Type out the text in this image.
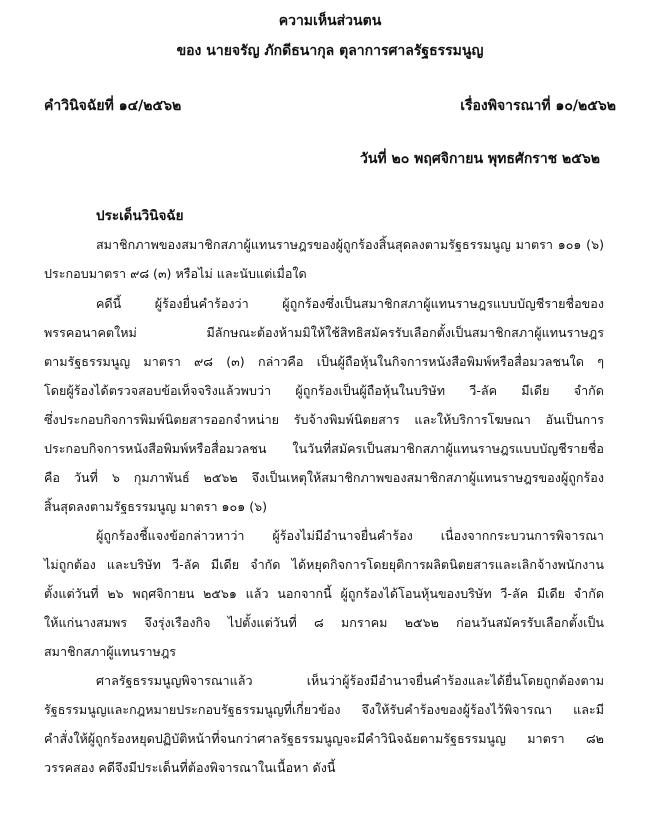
ความเห็นส่วนตน
ของ นายจรัญ ภักดีธนากุล ตุลาการศาลรัฐธรรมนูญ
คำวินิจฉัยที่ ๑๔/๒๕๖๒	เรื่องพิจารณาที่ ๑๐/๒๕๖๒
วันที่ ๒๐ พฤศจิกายน พุทธศักราช ๒๕๖๒
ประเด็นวินิจฉัย
สมาชิกภาพของสมาชิกสภาผู้แทนราษฎรของผู้ถูกร้องสิ้นสุดลงตามรัฐธรรมนูญ มาตรา ๑๐๑ (๖)
ประกอบมาตรา ๙๘ (๓) หรือไม่ และนับแต่เมื่อใด
คดีนี้ ผู้ร้องยื่นคำร้องว่า ผู้ถูกร้องซึ่งเป็นสมาชิกสภาผู้แทนราษฎรแบบบัญชีรายชื่อของ
พรรคอนาคตใหม่ มีลักษณะต้องห้ามมิให้ใช้สิทธิสมัครรับเลือกตั้งเป็นสมาชิกสภาผู้แทนราษฎร
ตามรัฐธรรมนูญ มาตรา ๙๘ (๓) กล่าวคือ เป็นผู้ถือหุ้นในกิจการหนังสือพิมพ์หรือสื่อมวลชนใด ๆ
โดยผู้ร้องได้ตรวจสอบข้อเท็จจริงแล้วพบว่า ผู้ถูกร้องเป็นผู้ถือหุ้นในบริษัท วี-ลัค มีเดีย จำกัด
ซึ่งประกอบกิจการพิมพ์นิตยสารออกจำหน่าย รับจ้างพิมพ์นิตยสาร และให้บริการโฆษณา อันเป็นการ
ประกอบกิจการหนังสือพิมพ์หรือสื่อมวลชน ในวันที่สมัครเป็นสมาชิกสภาผู้แทนราษฎรแบบบัญชีรายชื่อ
คือ วันที่ ๖ กุมภาพันธ์ ๒๕๖๒ จึงเป็นเหตุให้สมาชิกภาพของสมาชิกสภาผู้แทนราษฎรของผู้ถูกร้อง
สิ้นสุดลงตามรัฐธรรมนูญ มาตรา ๑๐๑ (๖)
ผู้ถูกร้องชี้แจงข้อกล่าวหาว่า ผู้ร้องไม่มีอำนาจยื่นคำร้อง เนื่องจากกระบวนการพิจารณา
ไม่ถูกต้อง และบริษัท วี-ลัค มีเดีย จำกัด ได้หยุดกิจการโดยยุติการผลิตนิตยสารและเลิกจ้างพนักงาน
ตั้งแต่วันที่ ๒๖ พฤศจิกายน ๒๕๖๑ แล้ว นอกจากนี้ ผู้ถูกร้องได้โอนหุ้นของบริษัท วี-ลัค มีเดีย จำกัด
ให้แก่นางสมพร จึงรุ่งเรืองกิจ ไปตั้งแต่วันที่ ๘ มกราคม ๒๕๖๒ ก่อนวันสมัครรับเลือกตั้งเป็น
สมาชิกสภาผู้แทนราษฎร
ศาลรัฐธรรมนูญพิจารณาแล้ว เห็นว่าผู้ร้องมีอำนาจยื่นคำร้องและได้ยื่นโดยถูกต้องตาม
รัฐธรรมนูญและกฎหมายประกอบรัฐธรรมนูญที่เกี่ยวข้อง จึงให้รับคำร้องของผู้ร้องไว้พิจารณา และมี
คำสั่งให้ผู้ถูกร้องหยุดปฏิบัติหน้าที่จนกว่าศาลรัฐธรรมนูญจะมีคำวินิจฉัยตามรัฐธรรมนูญ มาตรา ๘๒
วรรคสอง คดีจึงมีประเด็นที่ต้องพิจารณาในเนื้อหา ดังนี้
